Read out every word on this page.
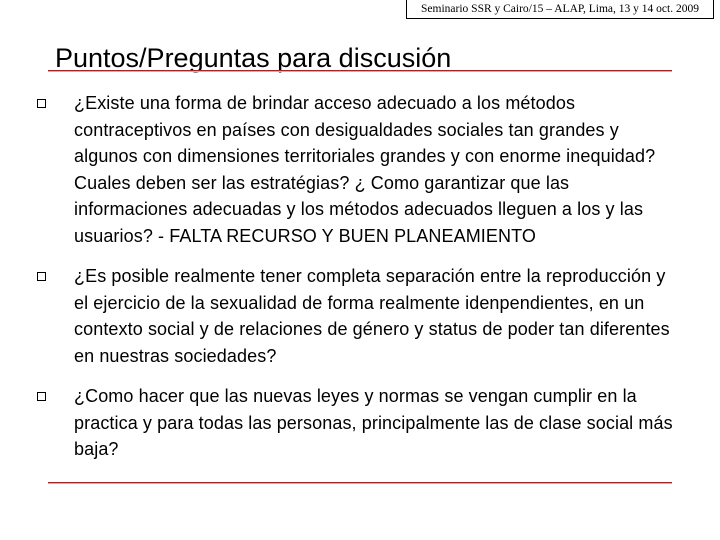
Seminario SSR y Cairo/15 – ALAP, Lima, 13 y 14 oct. 2009
Puntos/Preguntas para discusión
¿Existe una forma de brindar acceso adecuado a los métodos contraceptivos en países con desigualdades sociales tan grandes y algunos con dimensiones territoriales grandes y con enorme inequidad? Cuales deben ser las estratégias? ¿ Como garantizar que las informaciones adecuadas y los métodos adecuados lleguen a los y las usuarios? - FALTA RECURSO Y BUEN PLANEAMIENTO
¿Es posible realmente tener completa separación entre la reproducción y el ejercicio de la sexualidad de forma realmente idenpendientes, en un contexto social y de relaciones de género y status de poder tan diferentes en nuestras sociedades?
¿Como hacer que las nuevas leyes y normas se vengan cumplir en la practica y para todas las personas, principalmente las de clase social más baja?
